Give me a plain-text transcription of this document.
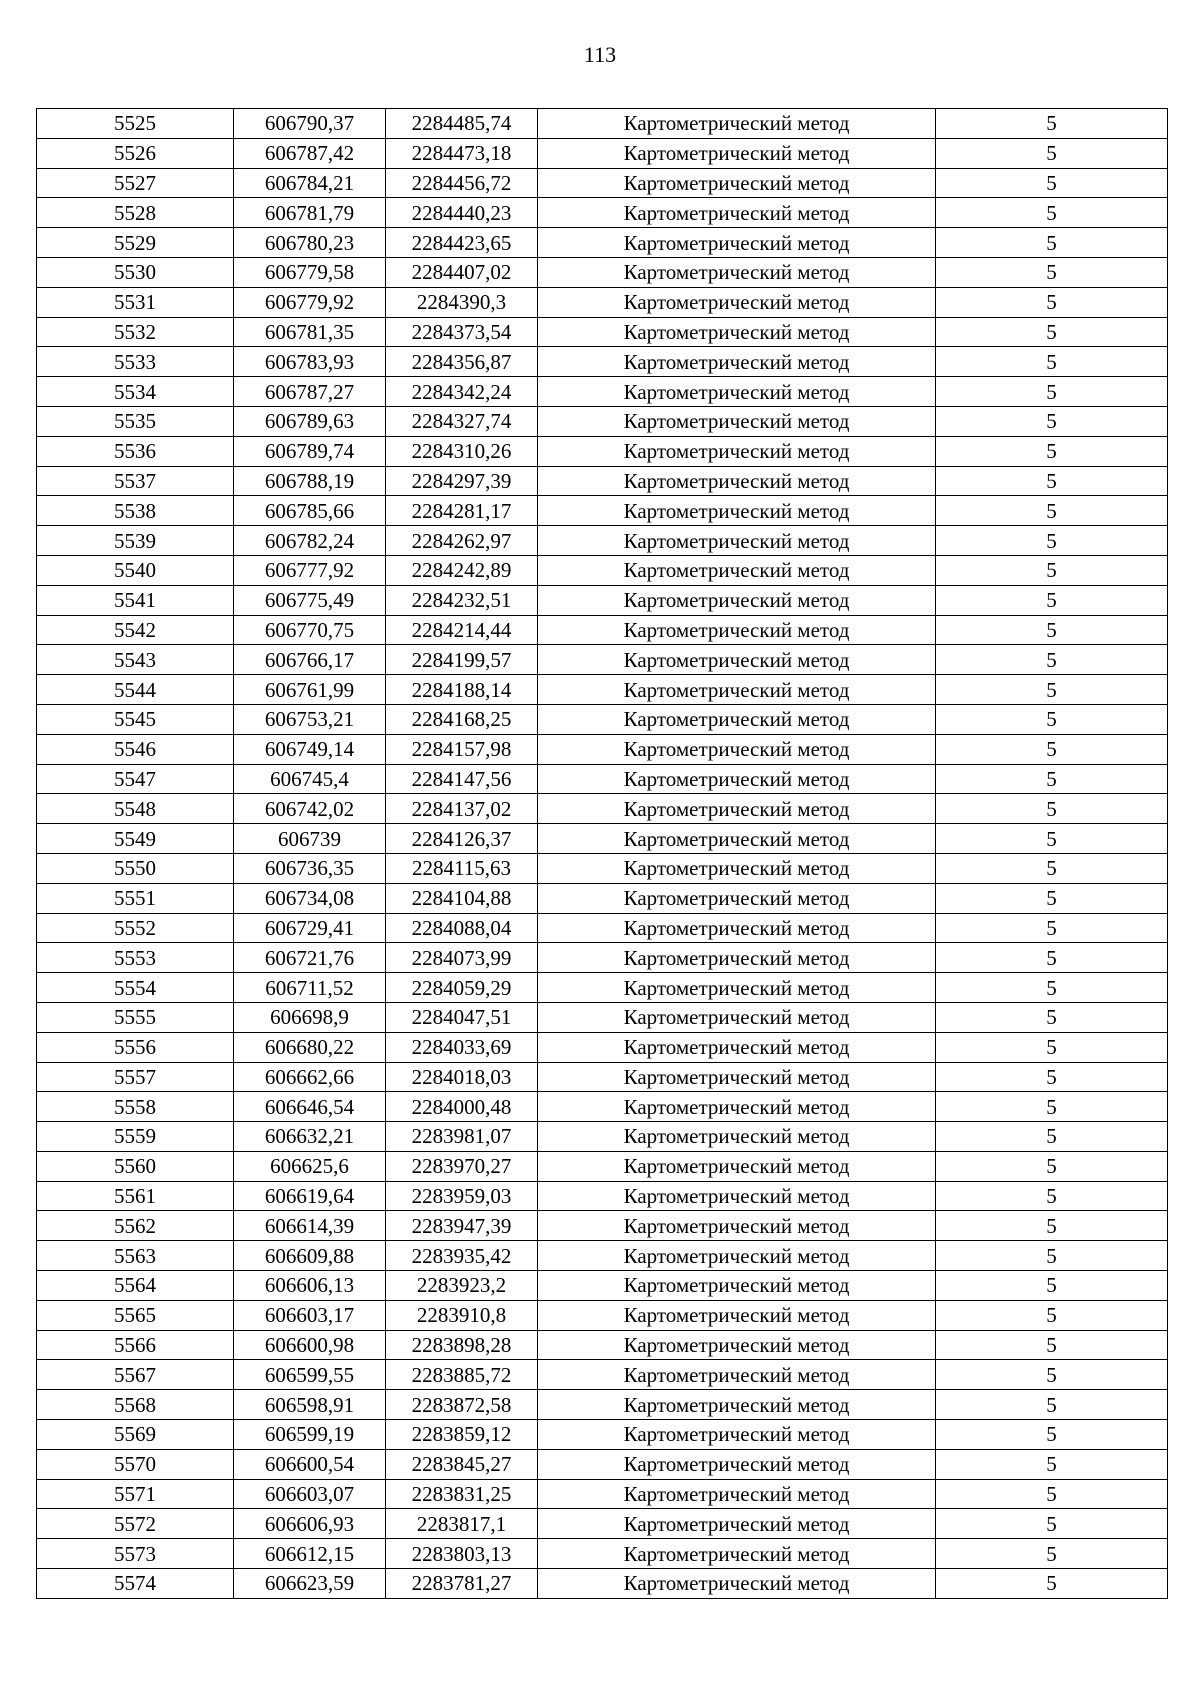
113
5525	606790,37	2284485,74	Картометрический метод	5
5526	606787,42	2284473,18	Картометрический метод	5
5527	606784,21	2284456,72	Картометрический метод	5
5528	606781,79	2284440,23	Картометрический метод	5
5529	606780,23	2284423,65	Картометрический метод	5
5530	606779,58	2284407,02	Картометрический метод	5
5531	606779,92	2284390,3	Картометрический метод	5
5532	606781,35	2284373,54	Картометрический метод	5
5533	606783,93	2284356,87	Картометрический метод	5
5534	606787,27	2284342,24	Картометрический метод	5
5535	606789,63	2284327,74	Картометрический метод	5
5536	606789,74	2284310,26	Картометрический метод	5
5537	606788,19	2284297,39	Картометрический метод	5
5538	606785,66	2284281,17	Картометрический метод	5
5539	606782,24	2284262,97	Картометрический метод	5
5540	606777,92	2284242,89	Картометрический метод	5
5541	606775,49	2284232,51	Картометрический метод	5
5542	606770,75	2284214,44	Картометрический метод	5
5543	606766,17	2284199,57	Картометрический метод	5
5544	606761,99	2284188,14	Картометрический метод	5
5545	606753,21	2284168,25	Картометрический метод	5
5546	606749,14	2284157,98	Картометрический метод	5
5547	606745,4	2284147,56	Картометрический метод	5
5548	606742,02	2284137,02	Картометрический метод	5
5549	606739	2284126,37	Картометрический метод	5
5550	606736,35	2284115,63	Картометрический метод	5
5551	606734,08	2284104,88	Картометрический метод	5
5552	606729,41	2284088,04	Картометрический метод	5
5553	606721,76	2284073,99	Картометрический метод	5
5554	606711,52	2284059,29	Картометрический метод	5
5555	606698,9	2284047,51	Картометрический метод	5
5556	606680,22	2284033,69	Картометрический метод	5
5557	606662,66	2284018,03	Картометрический метод	5
5558	606646,54	2284000,48	Картометрический метод	5
5559	606632,21	2283981,07	Картометрический метод	5
5560	606625,6	2283970,27	Картометрический метод	5
5561	606619,64	2283959,03	Картометрический метод	5
5562	606614,39	2283947,39	Картометрический метод	5
5563	606609,88	2283935,42	Картометрический метод	5
5564	606606,13	2283923,2	Картометрический метод	5
5565	606603,17	2283910,8	Картометрический метод	5
5566	606600,98	2283898,28	Картометрический метод	5
5567	606599,55	2283885,72	Картометрический метод	5
5568	606598,91	2283872,58	Картометрический метод	5
5569	606599,19	2283859,12	Картометрический метод	5
5570	606600,54	2283845,27	Картометрический метод	5
5571	606603,07	2283831,25	Картометрический метод	5
5572	606606,93	2283817,1	Картометрический метод	5
5573	606612,15	2283803,13	Картометрический метод	5
5574	606623,59	2283781,27	Картометрический метод	5
